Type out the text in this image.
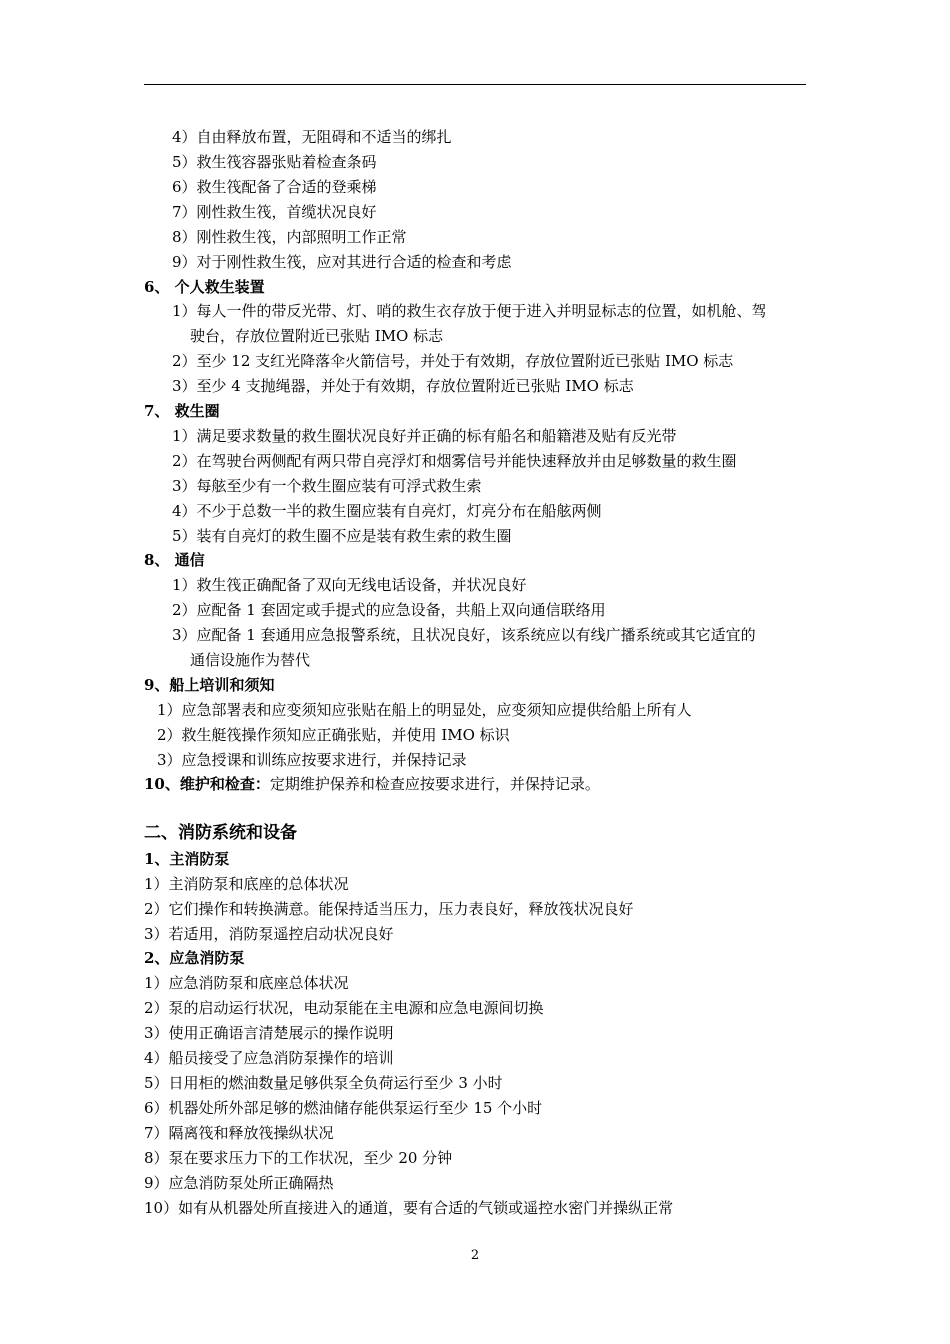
4）自由释放布置，无阻碍和不适当的绑扎
5）救生筏容器张贴着检查条码
6）救生筏配备了合适的登乘梯
7）刚性救生筏，首缆状况良好
8）刚性救生筏，内部照明工作正常
9）对于刚性救生筏，应对其进行合适的检查和考虑
6、 个人救生装置
1）每人一件的带反光带、灯、哨的救生衣存放于便于进入并明显标志的位置，如机舱、驾
驶台，存放位置附近已张贴 IMO 标志
2）至少 12 支红光降落伞火箭信号，并处于有效期，存放位置附近已张贴 IMO 标志
3）至少 4 支抛绳器，并处于有效期，存放位置附近已张贴 IMO 标志
7、 救生圈
1）满足要求数量的救生圈状况良好并正确的标有船名和船籍港及贴有反光带
2）在驾驶台两侧配有两只带自亮浮灯和烟雾信号并能快速释放并由足够数量的救生圈
3）每舷至少有一个救生圈应装有可浮式救生索
4）不少于总数一半的救生圈应装有自亮灯，灯亮分布在船舷两侧
5）装有自亮灯的救生圈不应是装有救生索的救生圈
8、 通信
1）救生筏正确配备了双向无线电话设备，并状况良好
2）应配备 1 套固定或手提式的应急设备，共船上双向通信联络用
3）应配备 1 套通用应急报警系统，且状况良好，该系统应以有线广播系统或其它适宜的
通信设施作为替代
9、船上培训和须知
1）应急部署表和应变须知应张贴在船上的明显处，应变须知应提供给船上所有人
2）救生艇筏操作须知应正确张贴，并使用 IMO 标识
3）应急授课和训练应按要求进行，并保持记录
10、维护和检查：定期维护保养和检查应按要求进行，并保持记录。
二、消防系统和设备
1、主消防泵
1）主消防泵和底座的总体状况
2）它们操作和转换满意。能保持适当压力，压力表良好，释放筏状况良好
3）若适用，消防泵遥控启动状况良好
2、应急消防泵
1）应急消防泵和底座总体状况
2）泵的启动运行状况，电动泵能在主电源和应急电源间切换
3）使用正确语言清楚展示的操作说明
4）船员接受了应急消防泵操作的培训
5）日用柜的燃油数量足够供泵全负荷运行至少 3 小时
6）机器处所外部足够的燃油储存能供泵运行至少 15 个小时
7）隔离筏和释放筏操纵状况
8）泵在要求压力下的工作状况，至少 20 分钟
9）应急消防泵处所正确隔热
10）如有从机器处所直接进入的通道，要有合适的气锁或遥控水密门并操纵正常
2
